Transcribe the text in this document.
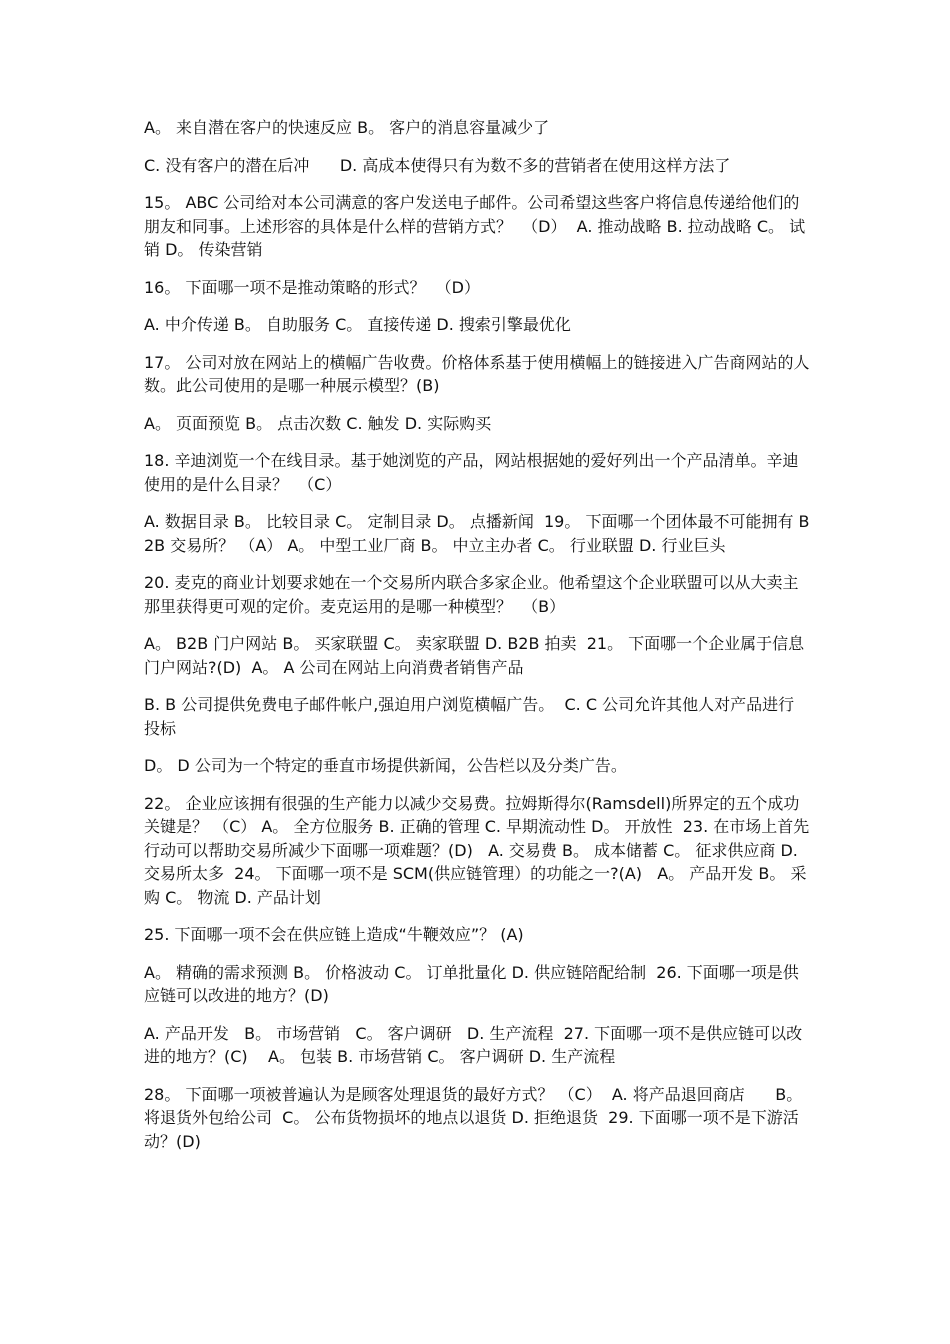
A。 来自潜在客户的快速反应 B。 客户的消息容量减少了

C. 没有客户的潜在后冲      D. 高成本使得只有为数不多的营销者在使用这样方法了

15。 ABC 公司给对本公司满意的客户发送电子邮件。公司希望这些客户将信息传递给他们的朋友和同事。上述形容的具体是什么样的营销方式？  （D）  A. 推动战略 B. 拉动战略 C。 试销 D。 传染营销

16。 下面哪一项不是推动策略的形式？  （D）

A. 中介传递 B。 自助服务 C。 直接传递 D. 搜索引擎最优化

17。 公司对放在网站上的横幅广告收费。价格体系基于使用横幅上的链接进入广告商网站的人数。此公司使用的是哪一种展示模型？(B)

A。 页面预览 B。 点击次数 C. 触发 D. 实际购买

18. 辛迪浏览一个在线目录。基于她浏览的产品，网站根据她的爱好列出一个产品清单。辛迪使用的是什么目录？  （C）

A. 数据目录 B。 比较目录 C。 定制目录 D。 点播新闻  19。 下面哪一个团体最不可能拥有 B2B 交易所？ （A） A。 中型工业厂商 B。 中立主办者 C。 行业联盟 D. 行业巨头

20. 麦克的商业计划要求她在一个交易所内联合多家企业。他希望这个企业联盟可以从大卖主那里获得更可观的定价。麦克运用的是哪一种模型？  （B）

A。 B2B 门户网站 B。 买家联盟 C。 卖家联盟 D. B2B 拍卖  21。 下面哪一个企业属于信息门户网站?(D)  A。 A 公司在网站上向消费者销售产品

B. B 公司提供免费电子邮件帐户,强迫用户浏览横幅广告。  C. C 公司允许其他人对产品进行投标

D。 D 公司为一个特定的垂直市场提供新闻，公告栏以及分类广告。

22。 企业应该拥有很强的生产能力以减少交易费。拉姆斯得尔(Ramsdell)所界定的五个成功关键是？ （C） A。 全方位服务 B. 正确的管理 C. 早期流动性 D。 开放性  23. 在市场上首先行动可以帮助交易所减少下面哪一项难题？(D)   A. 交易费 B。 成本储蓄 C。 征求供应商 D. 交易所太多  24。 下面哪一项不是 SCM(供应链管理）的功能之一?(A)   A。 产品开发 B。 采购 C。 物流 D. 产品计划

25. 下面哪一项不会在供应链上造成“牛鞭效应”？ (A)

A。 精确的需求预测 B。 价格波动 C。 订单批量化 D. 供应链陪配给制  26. 下面哪一项是供应链可以改进的地方？(D)

A. 产品开发   B。 市场营销   C。 客户调研   D. 生产流程  27. 下面哪一项不是供应链可以改进的地方？(C)    A。 包装 B. 市场营销 C。 客户调研 D. 生产流程

28。 下面哪一项被普遍认为是顾客处理退货的最好方式？ （C）  A. 将产品退回商店      B。 将退货外包给公司  C。 公布货物损坏的地点以退货 D. 拒绝退货  29. 下面哪一项不是下游活动？(D)
